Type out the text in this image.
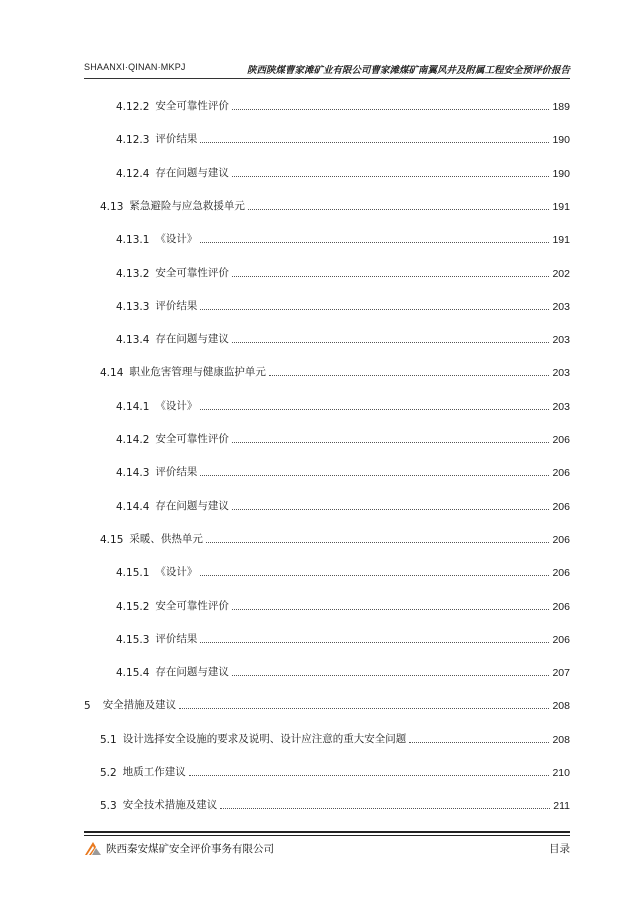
SHAANXI·QINAN·MKPJ	陕西陕煤曹家滩矿业有限公司曹家滩煤矿南翼风井及附属工程安全预评价报告
4.12.2 安全可靠性评价	189
4.12.3 评价结果	190
4.12.4 存在问题与建议	190
4.13 紧急避险与应急救援单元	191
4.13.1 《设计》	191
4.13.2 安全可靠性评价	202
4.13.3 评价结果	203
4.13.4 存在问题与建议	203
4.14 职业危害管理与健康监护单元	203
4.14.1 《设计》	203
4.14.2 安全可靠性评价	206
4.14.3 评价结果	206
4.14.4 存在问题与建议	206
4.15 采暖、供热单元	206
4.15.1 《设计》	206
4.15.2 安全可靠性评价	206
4.15.3 评价结果	206
4.15.4 存在问题与建议	207
5	安全措施及建议	208
5.1 设计选择安全设施的要求及说明、设计应注意的重大安全问题	208
5.2 地质工作建议	210
5.3 安全技术措施及建议	211
陕西秦安煤矿安全评价事务有限公司	目录
